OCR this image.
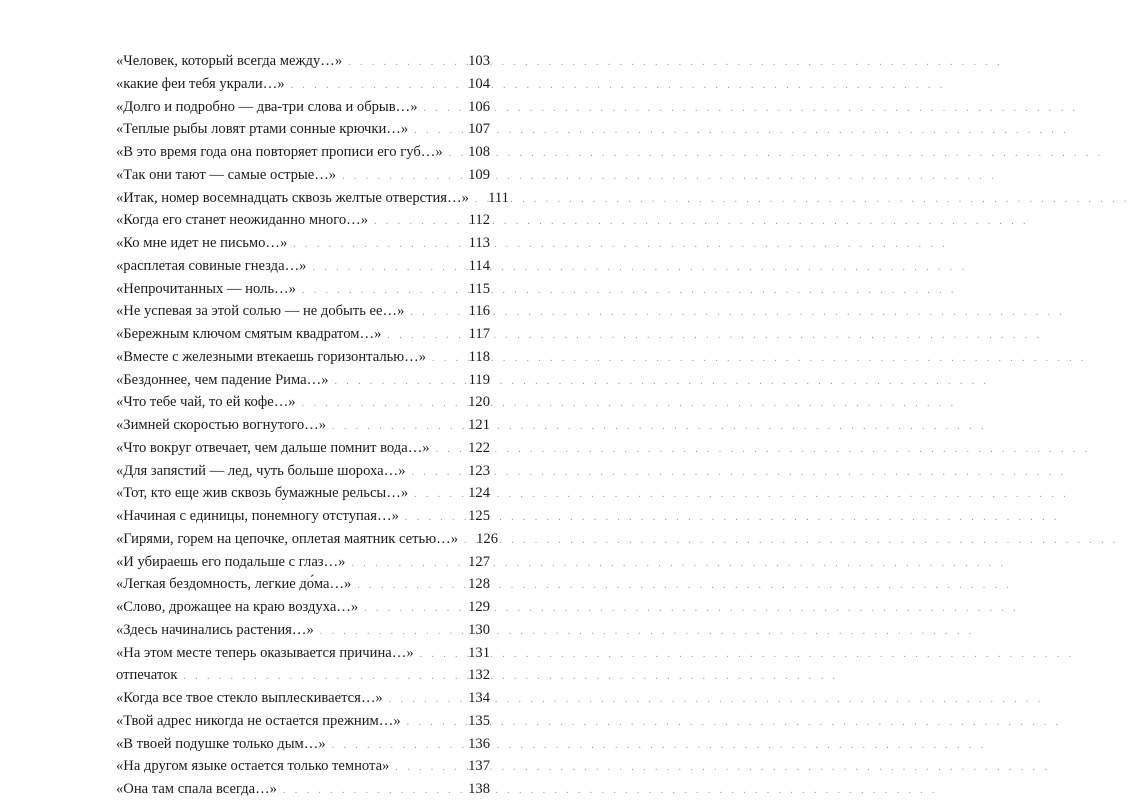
«Человек, который всегда между…» . . .	103
«какие феи тебя украли…» . . .	104
«Долго и подробно — два-три слова и обрыв…» . . .	106
«Теплые рыбы ловят ртами сонные крючки…» . . .	107
«В это время года она повторяет прописи его губ…» . . . 108
«Так они тают — самые острые…» . . .	109
«Итак, номер восемнадцать сквозь желтые отверстия…» . . . 111
«Когда его станет неожиданно много…» . . .	112
«Ко мне идет не письмо…» . . .	113
«расплетая совиные гнезда…» . . .	114
«Непрочитанных — ноль…» . . .	115
«Не успевая за этой солью — не добыть ее…» . . .	116
«Бережным ключом смятым квадратом…» . . .	117
«Вместе с железными втекаешь горизонталью…» . . .	118
«Бездоннее, чем падение Рима…» . . .	119
«Что тебе чай, то ей кофе…» . . .	120
«Зимней скоростью вогнутого…» . . .	121
«Что вокруг отвечает, чем дальше помнит вода…» . . .	122
«Для запястий — лед, чуть больше шороха…» . . .	123
«Тот, кто еще жив сквозь бумажные рельсы…» . . .	124
«Начиная с единицы, понемногу отступая…» . . .	125
«Гирями, горем на цепочке, оплетая маятник сетью…» . . . 126
«И убираешь его подальше с глаз…» . . .	127
«Легкая бездомность, легкие до́ма…» . . .	128
«Слово, дрожащее на краю воздуха…» . . .	129
«Здесь начинались растения…» . . .	130
«На этом месте теперь оказывается причина…» . . .	131
отпечаток . . .	132
«Когда все твое стекло выплескивается…» . . .	134
«Твой адрес никогда не остается прежним…» . . .	135
«В твоей подушке только дым…» . . .	136
«На другом языке остается только темнота» . . .	137
«Она там спала всегда…» . . .	138
